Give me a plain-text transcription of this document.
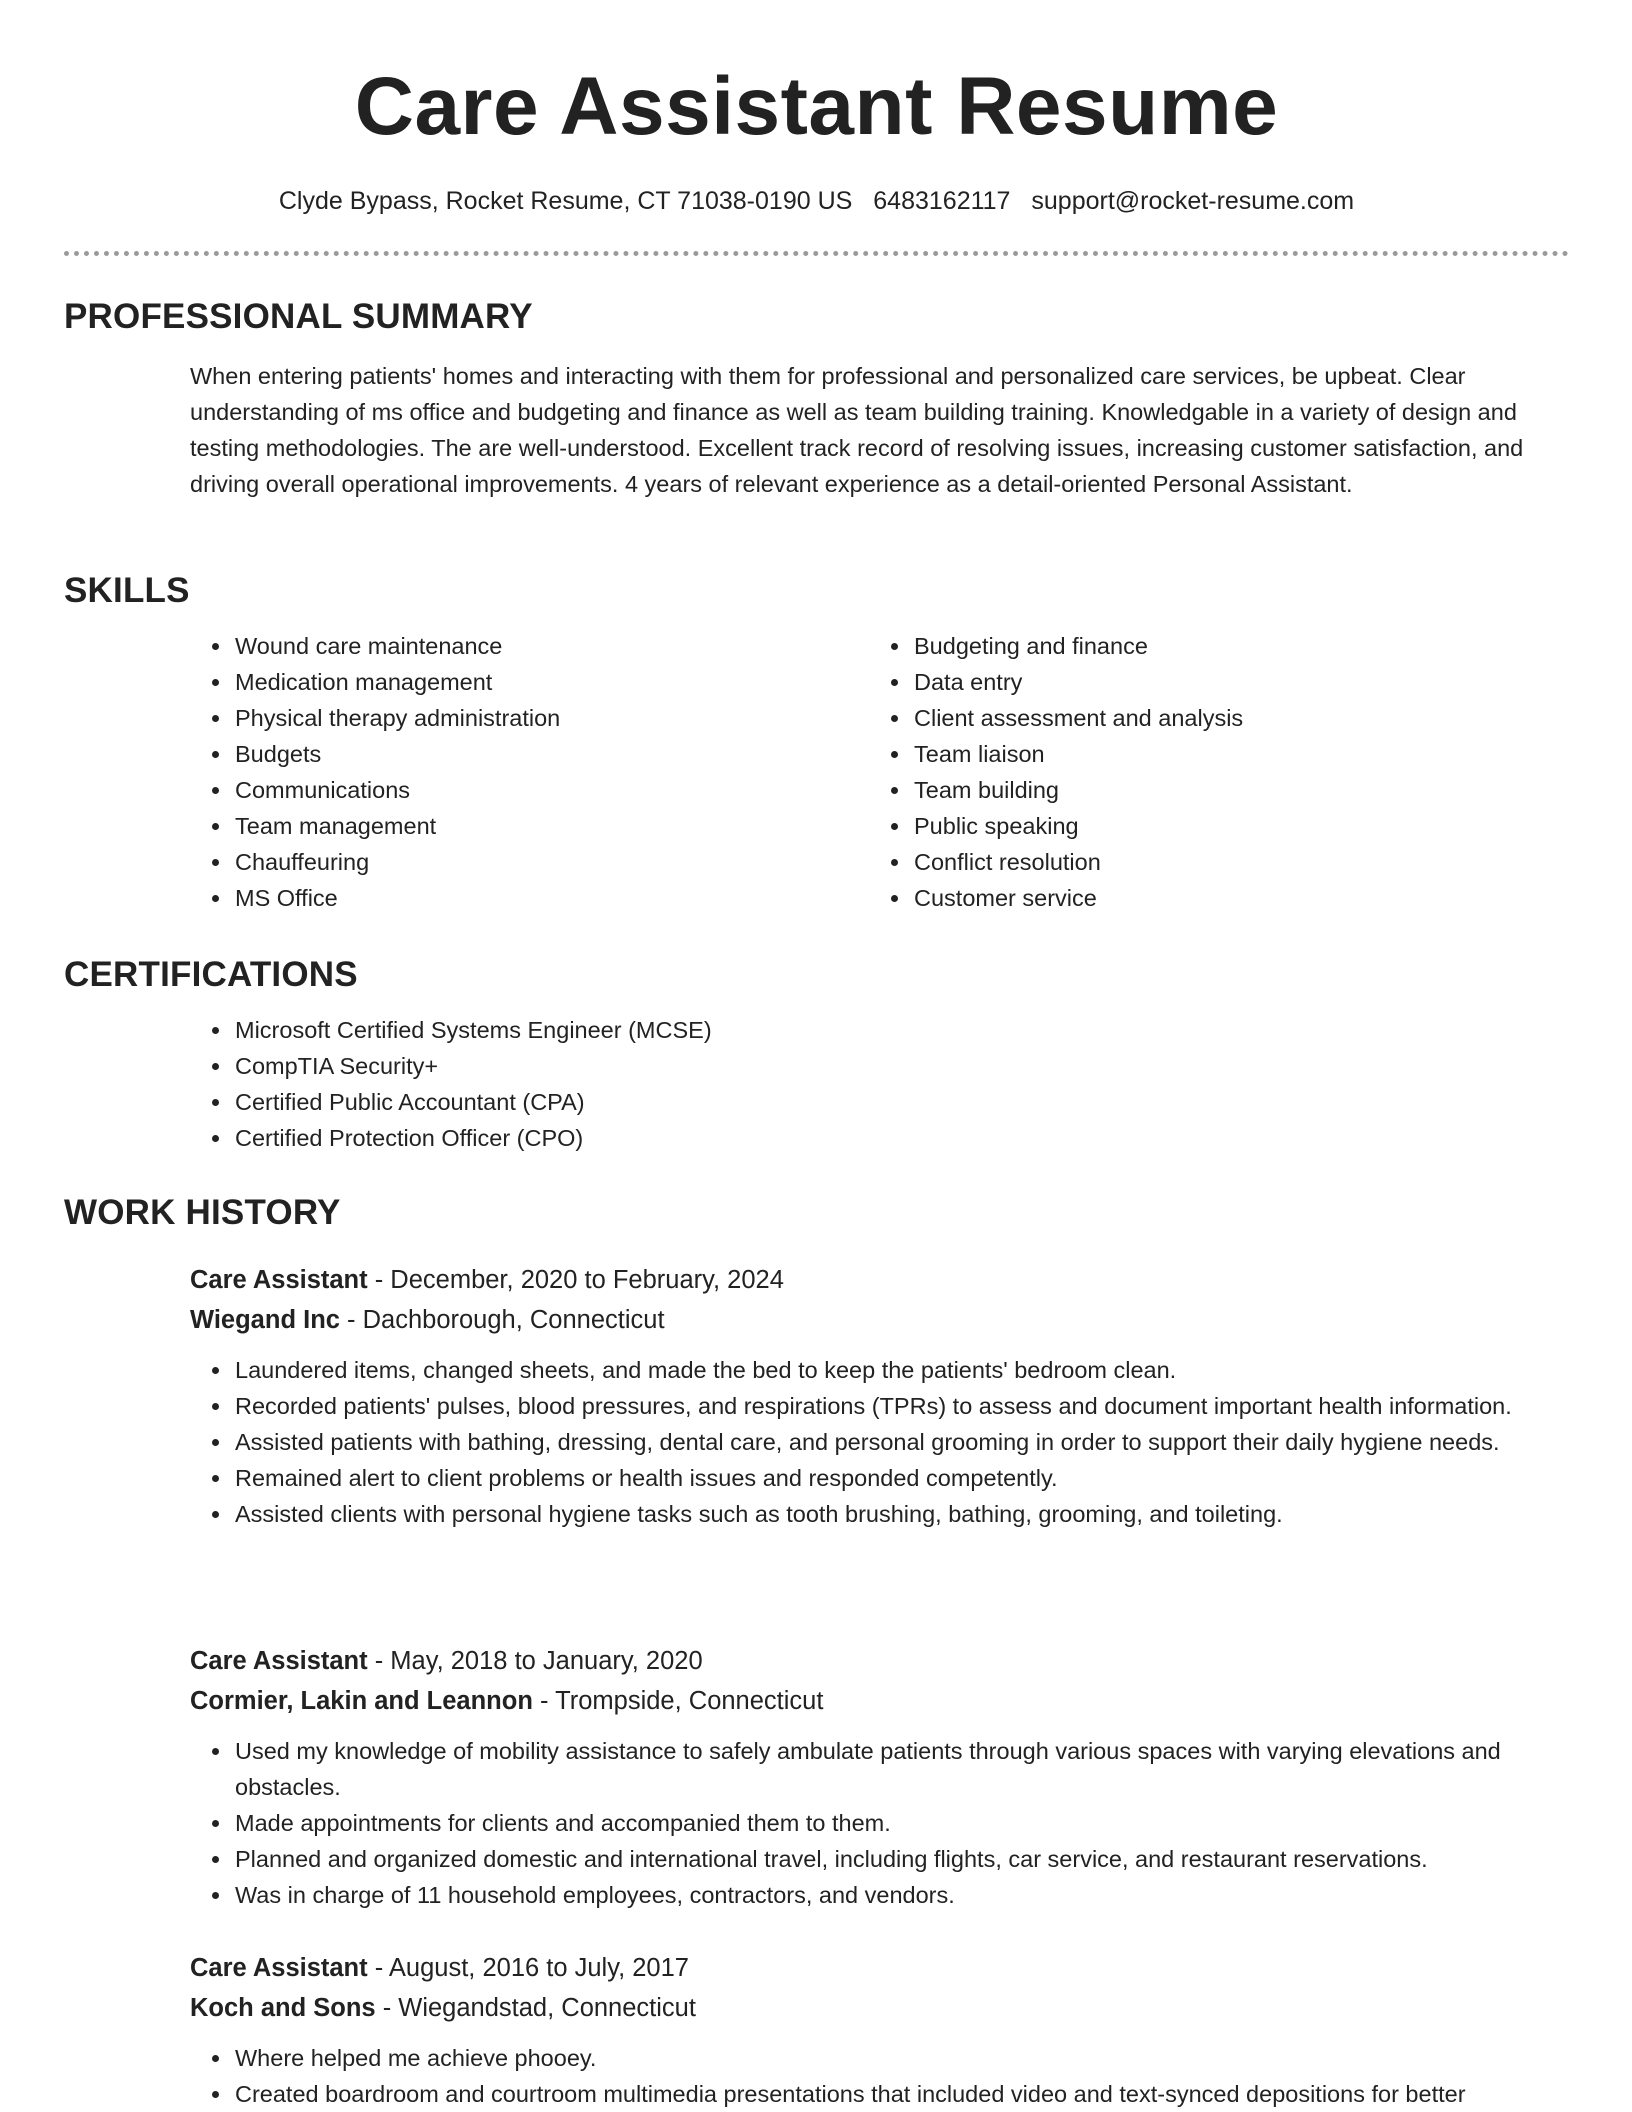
Care Assistant Resume
Clyde Bypass, Rocket Resume, CT 71038-0190 US 6483162117 support@rocket-resume.com
PROFESSIONAL SUMMARY
When entering patients' homes and interacting with them for professional and personalized care services, be upbeat. Clear understanding of ms office and budgeting and finance as well as team building training. Knowledgable in a variety of design and testing methodologies. The are well-understood. Excellent track record of resolving issues, increasing customer satisfaction, and driving overall operational improvements. 4 years of relevant experience as a detail-oriented Personal Assistant.
SKILLS
• Wound care maintenance
• Medication management
• Physical therapy administration
• Budgets
• Communications
• Team management
• Chauffeuring
• MS Office
• Budgeting and finance
• Data entry
• Client assessment and analysis
• Team liaison
• Team building
• Public speaking
• Conflict resolution
• Customer service
CERTIFICATIONS
• Microsoft Certified Systems Engineer (MCSE)
• CompTIA Security+
• Certified Public Accountant (CPA)
• Certified Protection Officer (CPO)
WORK HISTORY
Care Assistant - December, 2020 to February, 2024
Wiegand Inc - Dachborough, Connecticut
• Laundered items, changed sheets, and made the bed to keep the patients' bedroom clean.
• Recorded patients' pulses, blood pressures, and respirations (TPRs) to assess and document important health information.
• Assisted patients with bathing, dressing, dental care, and personal grooming in order to support their daily hygiene needs.
• Remained alert to client problems or health issues and responded competently.
• Assisted clients with personal hygiene tasks such as tooth brushing, bathing, grooming, and toileting.
Care Assistant - May, 2018 to January, 2020
Cormier, Lakin and Leannon - Trompside, Connecticut
• Used my knowledge of mobility assistance to safely ambulate patients through various spaces with varying elevations and obstacles.
• Made appointments for clients and accompanied them to them.
• Planned and organized domestic and international travel, including flights, car service, and restaurant reservations.
• Was in charge of 11 household employees, contractors, and vendors.
Care Assistant - August, 2016 to July, 2017
Koch and Sons - Wiegandstad, Connecticut
• Where helped me achieve phooey.
• Created boardroom and courtroom multimedia presentations that included video and text-synced depositions for better
